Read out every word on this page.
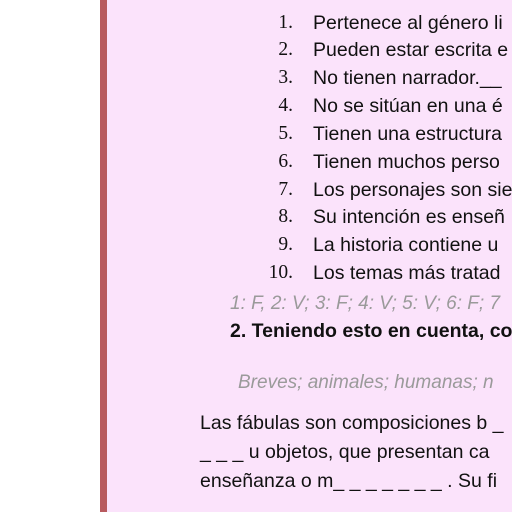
1. Pertenece al género li
2. Pueden estar escrita e
3. No tienen narrador.__
4. No se sitúan en una é
5. Tienen una estructura
6. Tienen muchos perso
7. Los personajes son sie
8. Su intención es enseñ
9. La historia contiene u
10. Los temas más tratad
1: F, 2: V; 3: F; 4: V; 5: V; 6: F; 7
2. Teniendo esto en cuenta, co
Breves; animales; humanas; n
Las fábulas son composiciones b _
_ _ _ u objetos, que presentan ca
enseñanza o m_ _ _ _ _ _ _ . Su fi
